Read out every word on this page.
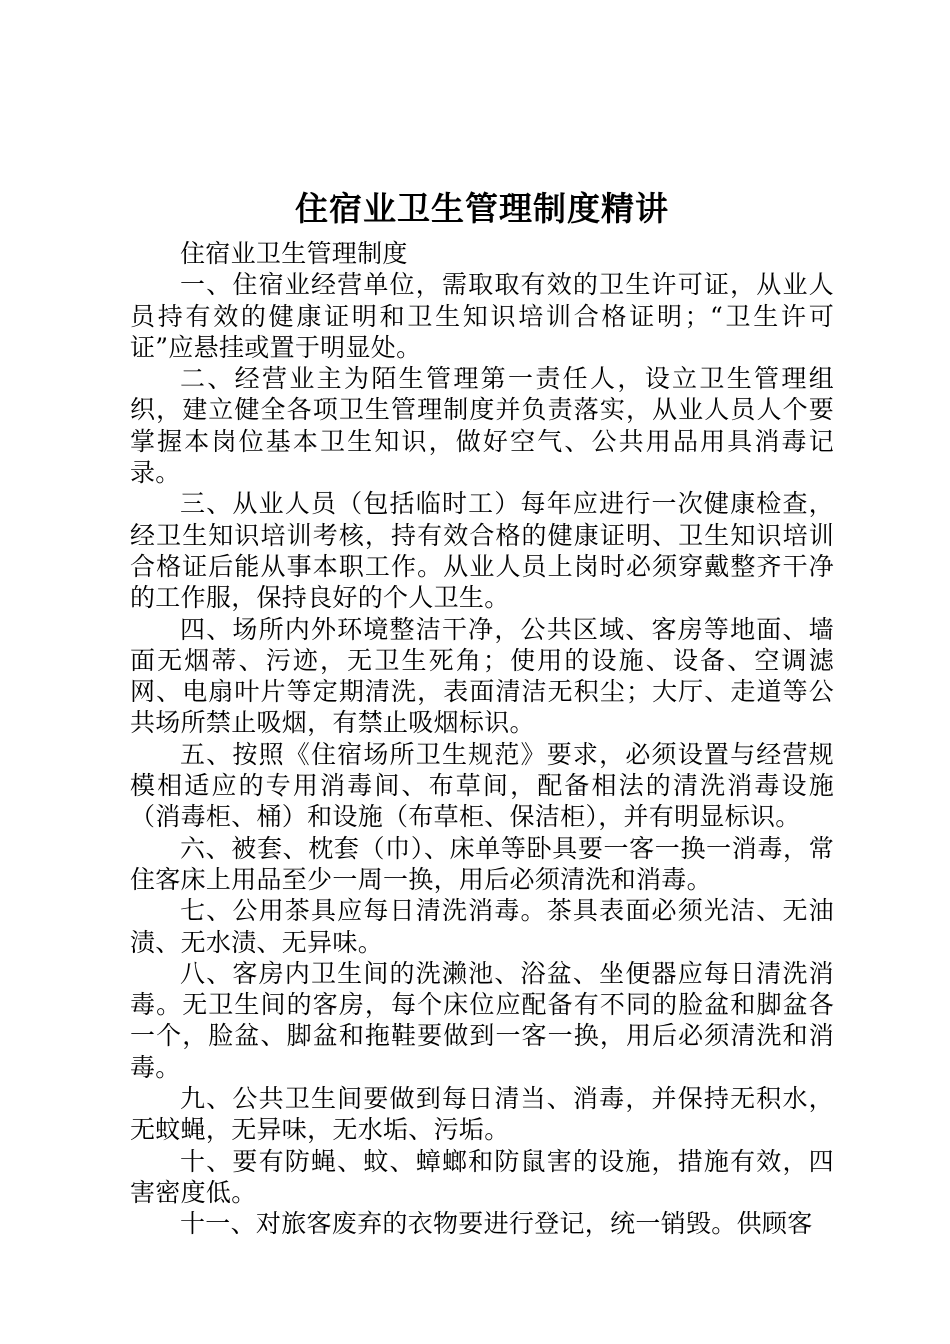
住宿业卫生管理制度精讲

住宿业卫生管理制度

一、住宿业经营单位，需取取有效的卫生许可证，从业人员持有效的健康证明和卫生知识培训合格证明；“卫生许可证”应悬挂或置于明显处。

二、经营业主为陌生管理第一责任人，设立卫生管理组织，建立健全各项卫生管理制度并负责落实，从业人员人个要掌握本岗位基本卫生知识，做好空气、公共用品用具消毒记录。

三、从业人员（包括临时工）每年应进行一次健康检查，经卫生知识培训考核，持有效合格的健康证明、卫生知识培训合格证后能从事本职工作。从业人员上岗时必须穿戴整齐干净的工作服，保持良好的个人卫生。

四、场所内外环境整洁干净，公共区域、客房等地面、墙面无烟蒂、污迹，无卫生死角；使用的设施、设备、空调滤网、电扇叶片等定期清洗，表面清洁无积尘；大厅、走道等公共场所禁止吸烟，有禁止吸烟标识。

五、按照《住宿场所卫生规范》要求，必须设置与经营规模相适应的专用消毒间、布草间，配备相法的清洗消毒设施（消毒柜、桶）和设施（布草柜、保洁柜），并有明显标识。

六、被套、枕套（巾）、床单等卧具要一客一换一消毒，常住客床上用品至少一周一换，用后必须清洗和消毒。

七、公用茶具应每日清洗消毒。茶具表面必须光洁、无油渍、无水渍、无异味。

八、客房内卫生间的洗濑池、浴盆、坐便器应每日清洗消毒。无卫生间的客房，每个床位应配备有不同的脸盆和脚盆各一个，脸盆、脚盆和拖鞋要做到一客一换，用后必须清洗和消毒。

九、公共卫生间要做到每日清当、消毒，并保持无积水，无蚊蝇，无异味，无水垢、污垢。

十、要有防蝇、蚊、蟑螂和防鼠害的设施，措施有效，四害密度低。

十一、对旅客废弃的衣物要进行登记，统一销毁。供顾客
